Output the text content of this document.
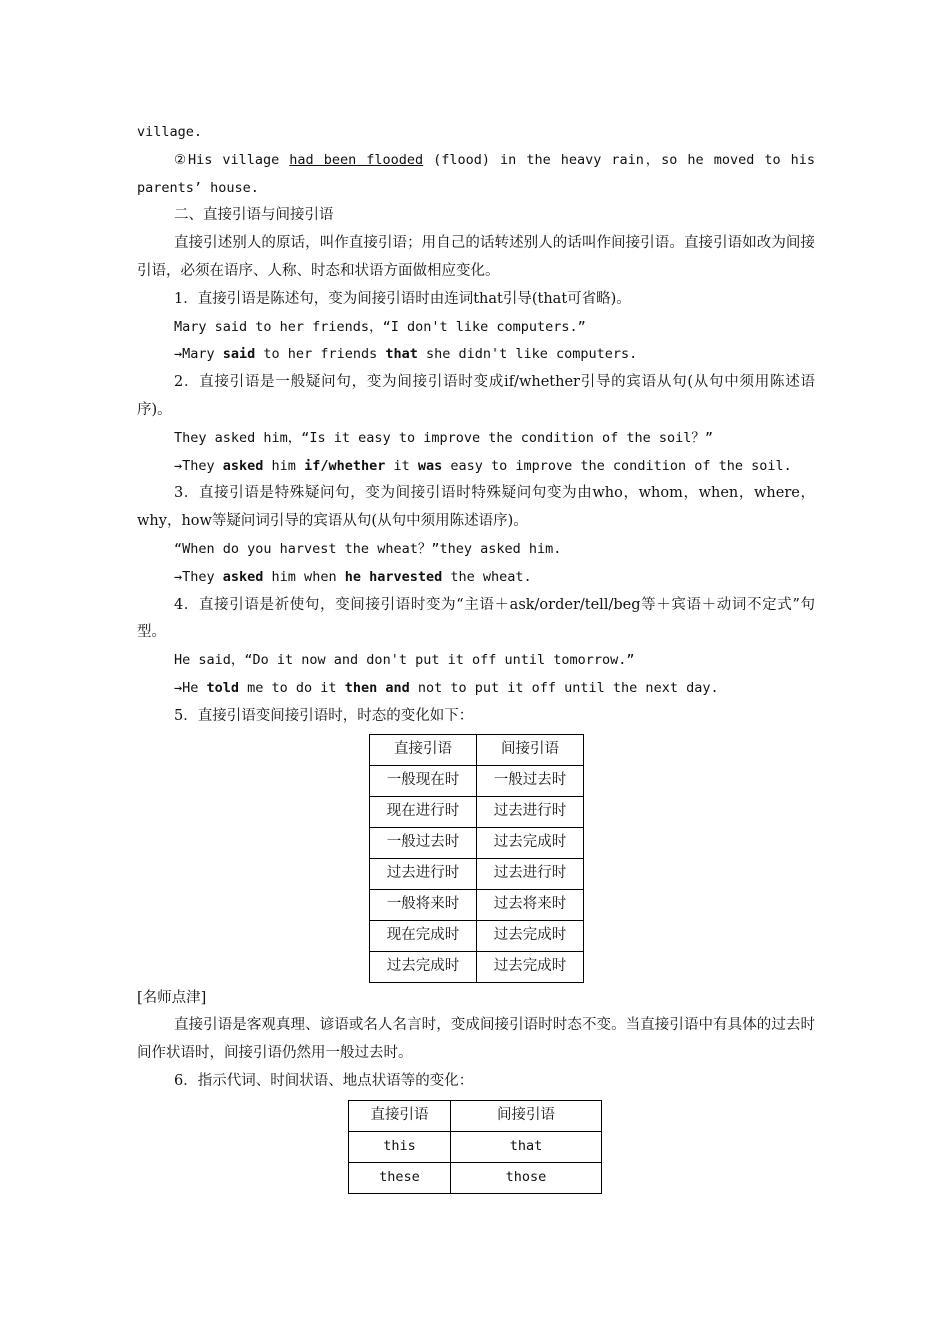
village.

②His village had been flooded (flood) in the heavy rain，so he moved to his parents’ house.

二、直接引语与间接引语

直接引述别人的原话，叫作直接引语；用自己的话转述别人的话叫作间接引语。直接引语如改为间接引语，必须在语序、人称、时态和状语方面做相应变化。

1．直接引语是陈述句，变为间接引语时由连词that引导(that可省略)。

Mary said to her friends，“I don't like computers.”

→Mary said to her friends that she didn't like computers.

2．直接引语是一般疑问句，变为间接引语时变成if/whether引导的宾语从句(从句中须用陈述语序)。

They asked him，“Is it easy to improve the condition of the soil？”

→They asked him if/whether it was easy to improve the condition of the soil.

3．直接引语是特殊疑问句，变为间接引语时特殊疑问句变为由who，whom，when，where，why，how等疑问词引导的宾语从句(从句中须用陈述语序)。

“When do you harvest the wheat？”they asked him.

→They asked him when he harvested the wheat.

4．直接引语是祈使句，变间接引语时变为“主语＋ask/order/tell/beg等＋宾语＋动词不定式”句型。

He said，“Do it now and don't put it off until tomorrow.”

→He told me to do it then and not to put it off until the next day.

5．直接引语变间接引语时，时态的变化如下：

直接引语	间接引语
一般现在时	一般过去时
现在进行时	过去进行时
一般过去时	过去完成时
过去进行时	过去进行时
一般将来时	过去将来时
现在完成时	过去完成时
过去完成时	过去完成时

[名师点津]

直接引语是客观真理、谚语或名人名言时，变成间接引语时时态不变。当直接引语中有具体的过去时间作状语时，间接引语仍然用一般过去时。

6．指示代词、时间状语、地点状语等的变化：

直接引语	间接引语
this	that
these	those
